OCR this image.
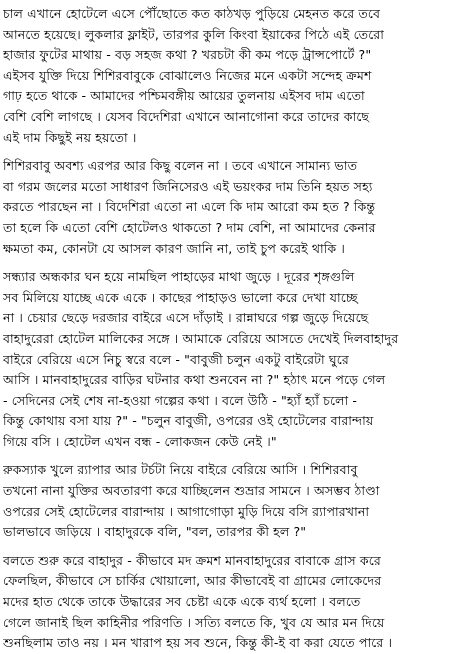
চাল এখানে হোটেলে এসে পৌঁছোতে কত কাঠখড় পুড়িয়ে মেহনত করে তবে
আনতে হয়েছে। লুকলার ফ্লাইট, তারপর কুলি কিংবা ইয়াকের পিঠে এই তেরো
হাজার ফুটের মাথায় - বড় সহজ কথা ? খরচটা কী কম পড়ে ট্রান্সপোর্টে ?"
এইসব যুক্তি দিয়ে শিশিরবাবুকে বোঝালেও নিজের মনে একটা সন্দেহ ক্রমশ
গাঢ় হতে থাকে - আমাদের পশ্চিমবঙ্গীয় আয়ের তুলনায় এইসব দাম এতো
বেশি বেশি লাগছে । যেসব বিদেশিরা এখানে আনাগোনা করে তাদের কাছে
এই দাম কিছুই নয় হয়তো ।
শিশিরবাবু অবশ্য এরপর আর কিছু বলেন না । তবে এখানে সামান্য ভাত
বা গরম জলের মতো সাধারণ জিনিসেরও এই ভয়ংকর দাম তিনি হয়ত সহ্য
করতে পারছেন না । বিদেশিরা এতো না এলে কি দাম আরো কম হত ? কিন্তু
তা হলে কি এতো বেশি হোটেলও থাকতো ? দাম বেশি, না আমাদের কেনার
ক্ষমতা কম, কোনটা যে আসল কারণ জানি না, তাই চুপ করেই থাকি ।
সন্ধ্যার অন্ধকার ঘন হয়ে নামছিল পাহাড়ের মাথা জুড়ে । দূরের শৃঙ্গগুলি
সব মিলিয়ে যাচ্ছে একে একে । কাছের পাহাড়ও ভালো করে দেখা যাচ্ছে
না । চেয়ার ছেড়ে দরজার বাইরে এসে দাঁড়াই । রান্নাঘরে গল্প জুড়ে দিয়েছে
বাহাদুরেরা হোটেল মালিকের সঙ্গে । আমাকে বেরিয়ে আসতে দেখেই দিলবাহাদুর
বাইরে বেরিয়ে এসে নিচু স্বরে বলে - "বাবুজী চলুন একটু বাইরেটা ঘুরে
আসি । মানবাহাদুরের বাড়ির ঘটনার কথা শুনবেন না ?" হঠাৎ মনে পড়ে গেল
- সেদিনের সেই শেষ না-হওয়া গল্পের কথা । বলে উঠি - "হ্যাঁ হ্যাঁ চলো -
কিন্তু কোথায় বসা যায় ?" - "চলুন বাবুজী, ওপরের ওই হোটেলের বারান্দায়
গিয়ে বসি । হোটেল এখন বন্ধ - লোকজন কেউ নেই ।"
রুকস্যাক খুলে র‍্যাপার আর টর্চটা নিয়ে বাইরে বেরিয়ে আসি । শিশিরবাবু
তখনো নানা যুক্তির অবতারণা করে যাচ্ছিলেন শুভ্রার সামনে । অসম্ভব ঠাণ্ডা
ওপরের সেই হোটেলের বারান্দায় । আগাগোড়া মুড়ি দিয়ে বসি র‍্যাপারখানা
ভালভাবে জড়িয়ে । বাহাদুরকে বলি, "বল, তারপর কী হল ?"
বলতে শুরু করে বাহাদুর - কীভাবে মদ ক্রমশ মানবাহাদুরের বাবাকে গ্রাস করে
ফেলছিল, কীভাবে সে চার্কির খোয়ালো, আর কীভাবেই বা গ্রামের লোকেদের
মদের হাত থেকে তাকে উদ্ধারের সব চেষ্টা একে একে ব্যর্থ হলো । বলতে
গেলে জানাই ছিল কাহিনীর পরিণতি । সত্যি বলতে কি, খুব যে আর মন দিয়ে
শুনছিলাম তাও নয় । মন খারাপ হয় সব শুনে, কিন্তু কী-ই বা করা যেতে পারে ।
